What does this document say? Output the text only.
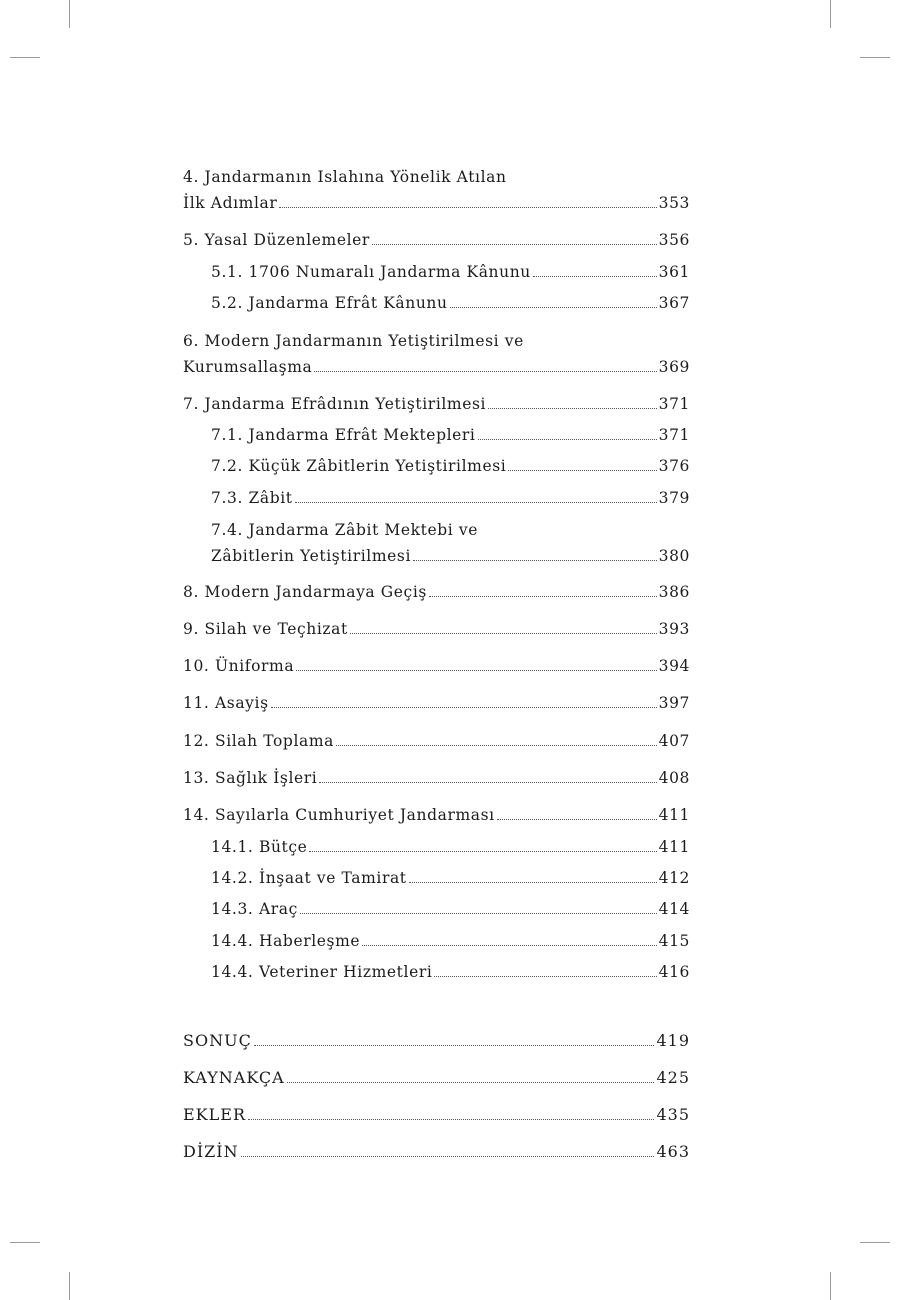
4. Jandarmanın Islahına Yönelik Atılan
İlk Adımlar	353
5. Yasal Düzenlemeler	356
5.1. 1706 Numaralı Jandarma Kânunu	361
5.2. Jandarma Efrât Kânunu	367
6. Modern Jandarmanın Yetiştirilmesi ve
Kurumsallaşma	369
7. Jandarma Efrâdının Yetiştirilmesi	371
7.1. Jandarma Efrât Mektepleri	371
7.2. Küçük Zâbitlerin Yetiştirilmesi	376
7.3. Zâbit	379
7.4. Jandarma Zâbit Mektebi ve
Zâbitlerin Yetiştirilmesi	380
8. Modern Jandarmaya Geçiş	386
9. Silah ve Teçhizat	393
10. Üniforma	394
11. Asayiş	397
12. Silah Toplama	407
13. Sağlık İşleri	408
14. Sayılarla Cumhuriyet Jandarması	411
14.1. Bütçe	411
14.2. İnşaat ve Tamirat	412
14.3. Araç	414
14.4. Haberleşme	415
14.4. Veteriner Hizmetleri	416
SONUÇ	419
KAYNAKÇA	425
EKLER	435
DİZİN	463
